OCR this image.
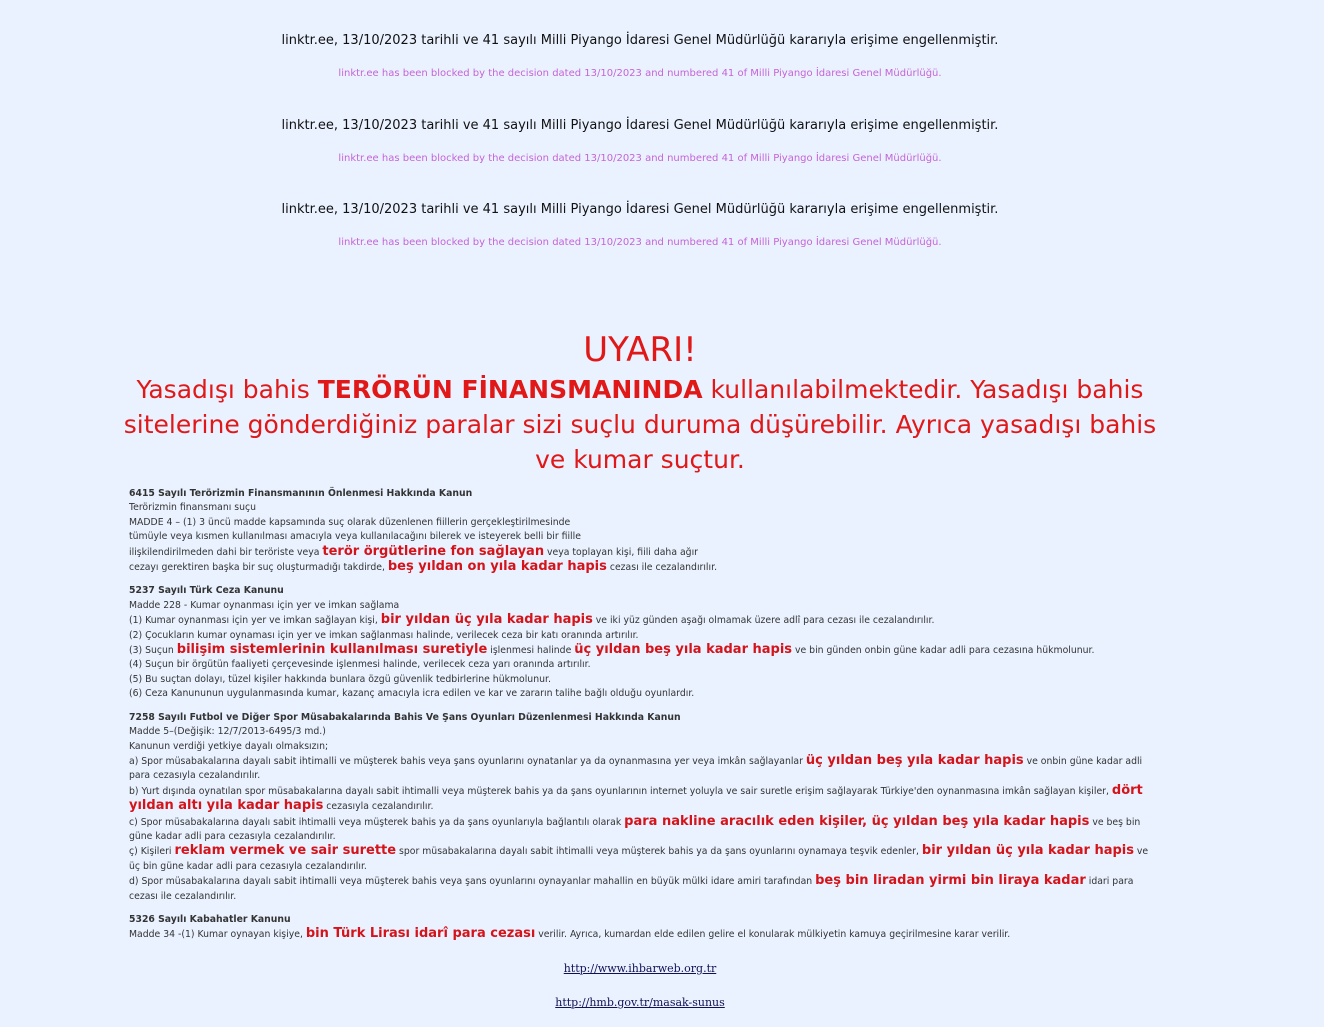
linktr.ee, 13/10/2023 tarihli ve 41 sayılı Milli Piyango İdaresi Genel Müdürlüğü kararıyla erişime engellenmiştir.
linktr.ee has been blocked by the decision dated 13/10/2023 and numbered 41 of Milli Piyango İdaresi Genel Müdürlüğü.
linktr.ee, 13/10/2023 tarihli ve 41 sayılı Milli Piyango İdaresi Genel Müdürlüğü kararıyla erişime engellenmiştir.
linktr.ee has been blocked by the decision dated 13/10/2023 and numbered 41 of Milli Piyango İdaresi Genel Müdürlüğü.
linktr.ee, 13/10/2023 tarihli ve 41 sayılı Milli Piyango İdaresi Genel Müdürlüğü kararıyla erişime engellenmiştir.
linktr.ee has been blocked by the decision dated 13/10/2023 and numbered 41 of Milli Piyango İdaresi Genel Müdürlüğü.
UYARI!
Yasadışı bahis TERÖRÜN FİNANSMANINDA kullanılabilmektedir. Yasadışı bahis sitelerine gönderdiğiniz paralar sizi suçlu duruma düşürebilir. Ayrıca yasadışı bahis ve kumar suçtur.
6415 Sayılı Terörizmin Finansmanının Önlenmesi Hakkında Kanun
Terörizmin finansmanı suçu
MADDE 4 – (1) 3 üncü madde kapsamında suç olarak düzenlenen fiillerin gerçekleştirilmesinde
tümüyle veya kısmen kullanılması amacıyla veya kullanılacağını bilerek ve isteyerek belli bir fiille
ilişkilendirilmeden dahi bir teröriste veya terör örgütlerine fon sağlayan veya toplayan kişi, fiili daha ağır
cezayı gerektiren başka bir suç oluşturmadığı takdirde, beş yıldan on yıla kadar hapis cezası ile cezalandırılır.
5237 Sayılı Türk Ceza Kanunu
Madde 228 - Kumar oynanması için yer ve imkan sağlama
(1) Kumar oynanması için yer ve imkan sağlayan kişi, bir yıldan üç yıla kadar hapis ve iki yüz günden aşağı olmamak üzere adlî para cezası ile cezalandırılır.
(2) Çocukların kumar oynaması için yer ve imkan sağlanması halinde, verilecek ceza bir katı oranında artırılır.
(3) Suçun bilişim sistemlerinin kullanılması suretiyle işlenmesi halinde üç yıldan beş yıla kadar hapis ve bin günden onbin güne kadar adli para cezasına hükmolunur.
(4) Suçun bir örgütün faaliyeti çerçevesinde işlenmesi halinde, verilecek ceza yarı oranında artırılır.
(5) Bu suçtan dolayı, tüzel kişiler hakkında bunlara özgü güvenlik tedbirlerine hükmolunur.
(6) Ceza Kanununun uygulanmasında kumar, kazanç amacıyla icra edilen ve kar ve zararın talihe bağlı olduğu oyunlardır.
7258 Sayılı Futbol ve Diğer Spor Müsabakalarında Bahis Ve Şans Oyunları Düzenlenmesi Hakkında Kanun
Madde 5–(Değişik: 12/7/2013-6495/3 md.)
Kanunun verdiği yetkiye dayalı olmaksızın;
a) Spor müsabakalarına dayalı sabit ihtimalli ve müşterek bahis veya şans oyunlarını oynatanlar ya da oynanmasına yer veya imkân sağlayanlar üç yıldan beş yıla kadar hapis ve onbin güne kadar adli para cezasıyla cezalandırılır.
b) Yurt dışında oynatılan spor müsabakalarına dayalı sabit ihtimalli veya müşterek bahis ya da şans oyunlarının internet yoluyla ve sair suretle erişim sağlayarak Türkiye'den oynanmasına imkân sağlayan kişiler, dört yıldan altı yıla kadar hapis cezasıyla cezalandırılır.
c) Spor müsabakalarına dayalı sabit ihtimalli veya müşterek bahis ya da şans oyunlarıyla bağlantılı olarak para nakline aracılık eden kişiler, üç yıldan beş yıla kadar hapis ve beş bin güne kadar adli para cezasıyla cezalandırılır.
ç) Kişileri reklam vermek ve sair surette spor müsabakalarına dayalı sabit ihtimalli veya müşterek bahis ya da şans oyunlarını oynamaya teşvik edenler, bir yıldan üç yıla kadar hapis ve üç bin güne kadar adli para cezasıyla cezalandırılır.
d) Spor müsabakalarına dayalı sabit ihtimalli veya müşterek bahis veya şans oyunlarını oynayanlar mahallin en büyük mülki idare amiri tarafından beş bin liradan yirmi bin liraya kadar idari para cezası ile cezalandırılır.
5326 Sayılı Kabahatler Kanunu
Madde 34 -(1) Kumar oynayan kişiye, bin Türk Lirası idarî para cezası verilir. Ayrıca, kumardan elde edilen gelire el konularak mülkiyetin kamuya geçirilmesine karar verilir.
http://www.ihbarweb.org.tr
http://hmb.gov.tr/masak-sunus
